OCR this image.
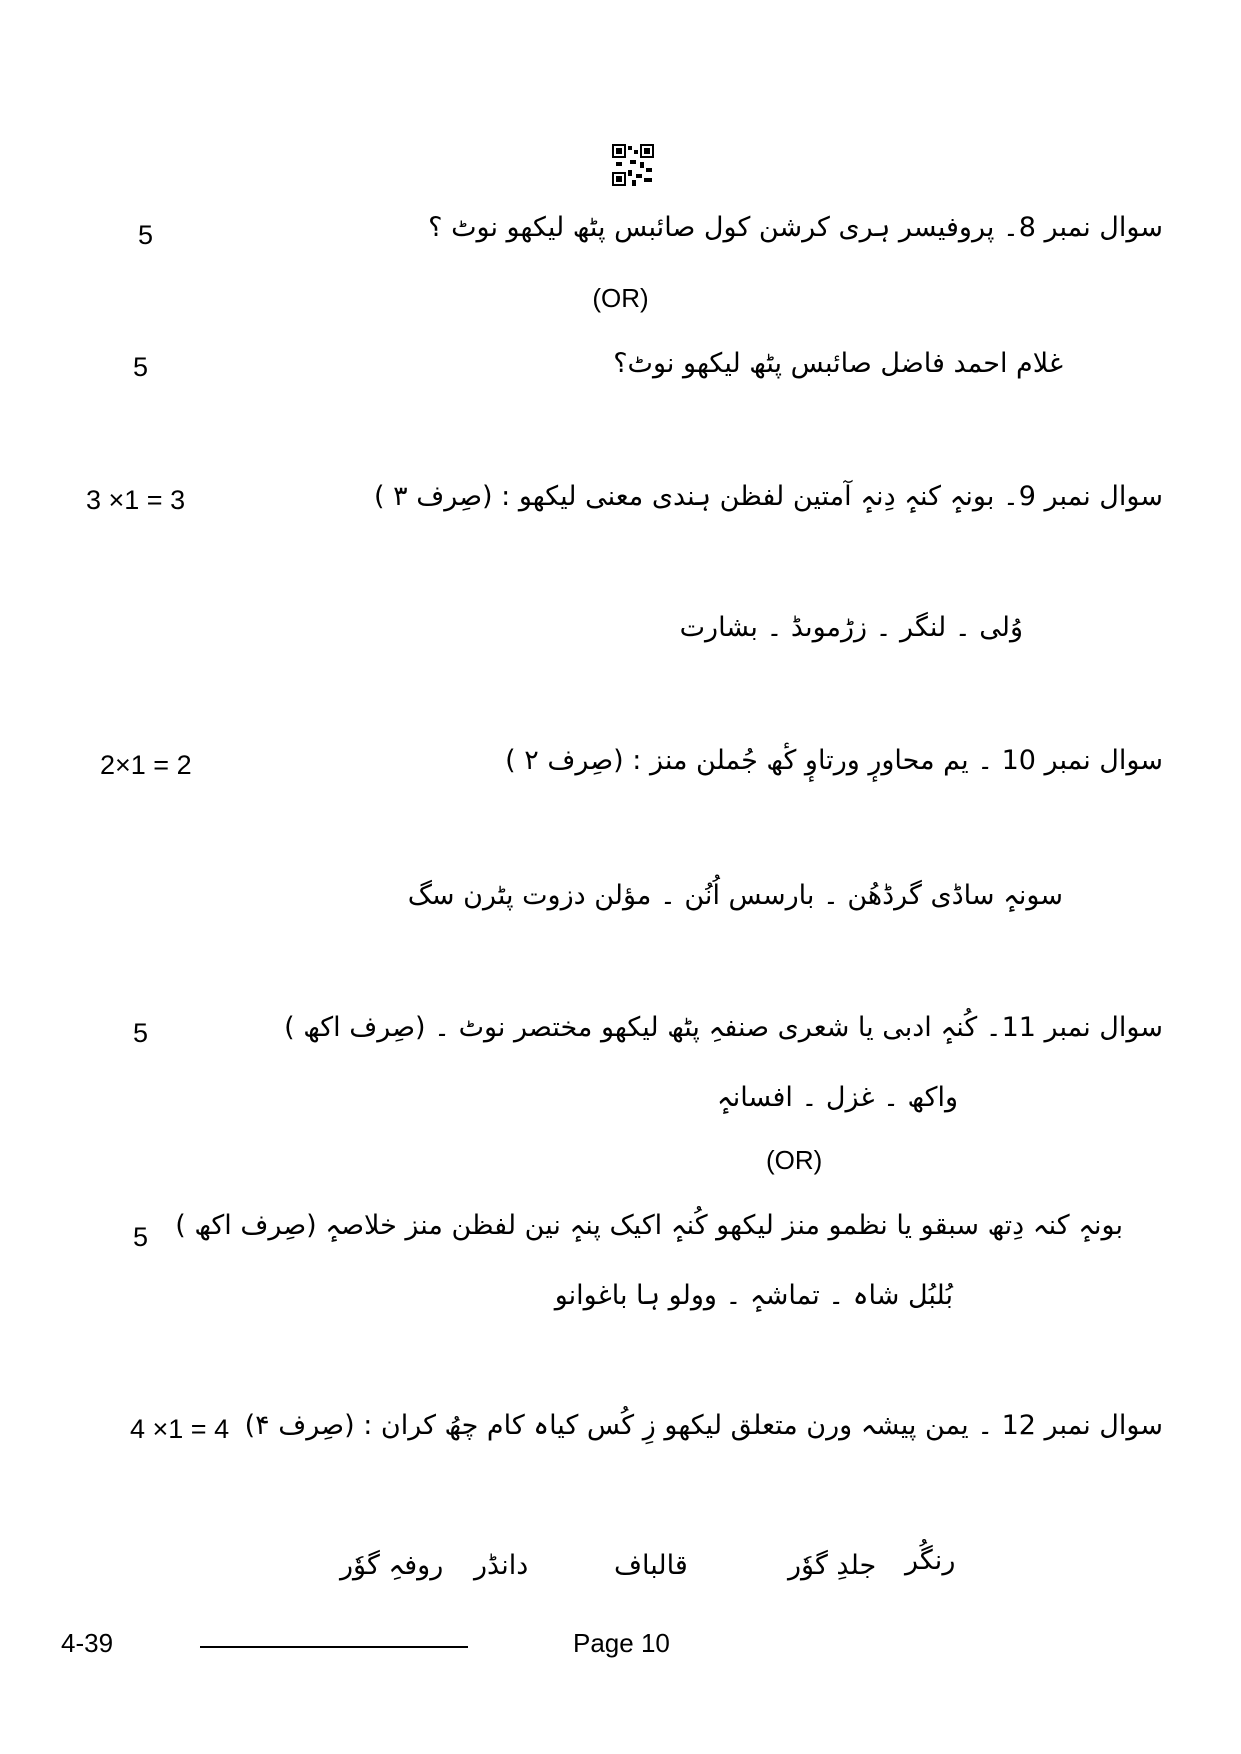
سوال نمبر 8۔ پروفیسر ہری کرشن کول صائبس پٹھ لیکھو نوٹ ؟
5
(OR)
غلام احمد فاضل صائبس پٹھ لیکھو نوٹ؟
5
سوال نمبر 9۔ بونہٕ کنہٕ دِنہٕ آمتین لفظن ہندی معنی لیکھو : (صِرف ۳ )
3 ×1 = 3
وُلی ۔ لنگر ۔ زڑموںڈ ۔ بشارت
سوال نمبر 10 ۔ یم محاورٕ ورتاوٕ کٔھ جُملن منز : (صِرف ۲ )
2×1 = 2
سونہٕ ساڈی گرڈھُن ۔ بارسس اُنُن ۔ مؤلن دزوت پٹرن سگ
سوال نمبر 11۔ کُنہٕ ادبی یا شعری صنفہِ پٹھ لیکھو مختصر نوٹ ۔ (صِرف اکھ )
5
واکھ ۔ غزل ۔ افسانہٕ
(OR)
بونہٕ کنہ دِتھ سبقو یا نظمو منز لیکھو کُنہٕ اکیک پنہٕ نین لفظن منز خلاصہٕ (صِرف اکھ )
5
بُلبُل شاہ ۔ تماشہٕ ۔ وولو ہا باغوانو
سوال نمبر 12 ۔ یمن پیشہ ورن متعلق لیکھو زِ کُس کیاہ کام چھُ کران : (صِرف ۴)
4 ×1 = 4
رنگُر
جلدِ گوٗر
قالباف
دانڈر
روفہِ گوٗر
4-39	Page 10
